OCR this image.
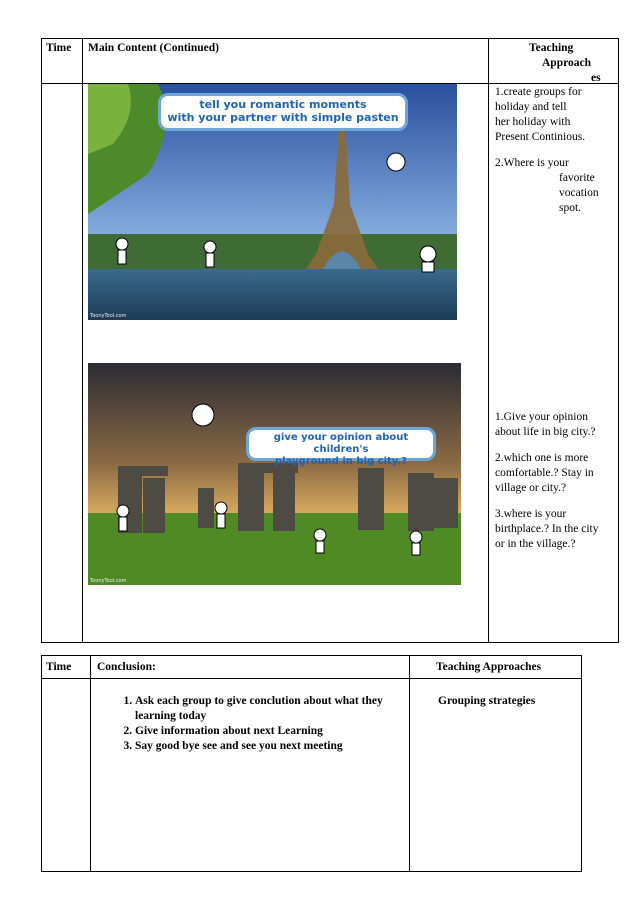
Time Main Content (Continued)	Teaching
Approach
es
tell you romantic moments
with your partner with simple pasten
ToonyTool.com
give your opinion about children's
playground in big city.?
ToonyTool.com
1.create groups for
holiday and tell
her holiday with
Present Continious.
2.Where is your
favorite
vocation
spot.
1.Give your opinion
about life in big city.?
2.which one is more
comfortable.? Stay in
village or city.?
3.where is your
birthplace.? In the city
or in the village.?
Time Conclusion:	Teaching Approaches
1. Ask each group to give conclution about what they learning today
2. Give information about next Learning
3. Say good bye see and see you next meeting
Grouping strategies
